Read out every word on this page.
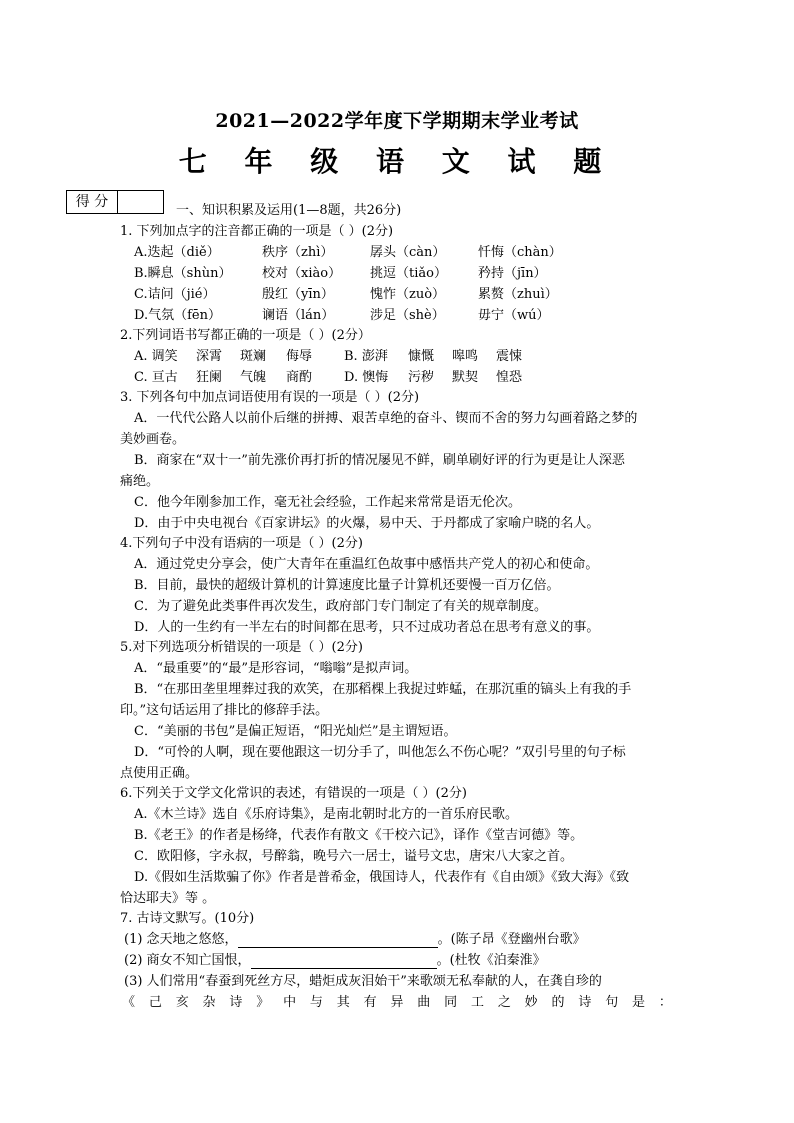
2021—2022学年度下学期期末学业考试
七 年 级 语 文 试 题
得 分
一、知识积累及运用(1—8题，共26分)
1. 下列加点字的注音都正确的一项是（ ）(2分)
A.迭起（diě）	秩序（zhì）	孱头（càn）	忏悔（chàn）
B.瞬息（shùn） 校对（xiào） 挑逗（tiǎo） 矜持（jīn）
C.诘问（jié）	殷红（yīn）	愧怍（zuò）	累赘（zhuì）
D.气氛（fēn）	谰语（lán）	涉足（shè）	毋宁（wú）
2.下列词语书写都正确的一项是（ ）(2分）
A. 调笑 深霄 斑斓 侮辱 B. 澎湃 慷慨 嗥鸣 震悚
C. 亘古 狂阑 气魄 商酌 D. 懊悔 污秽 默契 惶恐
3. 下列各句中加点词语使用有误的一项是（ ）(2分)
A．一代代公路人以前仆后继的拼搏、艰苦卓绝的奋斗、锲而不舍的努力勾画着路之梦的
美妙画卷。
B．商家在“双十一”前先涨价再打折的情况屡见不鲜，刷单刷好评的行为更是让人深恶
痛绝。
C．他今年刚参加工作，毫无社会经验，工作起来常常是语无伦次。
D．由于中央电视台《百家讲坛》的火爆，易中天、于丹都成了家喻户晓的名人。
4.下列句子中没有语病的一项是（ ）(2分)
A．通过党史分享会，使广大青年在重温红色故事中感悟共产党人的初心和使命。
B．目前，最快的超级计算机的计算速度比量子计算机还要慢一百万亿倍。
C．为了避免此类事件再次发生，政府部门专门制定了有关的规章制度。
D．人的一生约有一半左右的时间都在思考，只不过成功者总在思考有意义的事。
5.对下列选项分析错误的一项是（ ）(2分)
A．“最重要”的“最”是形容词，“嗡嗡”是拟声词。
B．“在那田垄里埋葬过我的欢笑，在那稻棵上我捉过蚱蜢，在那沉重的镐头上有我的手
印。”这句话运用了排比的修辞手法。
C．“美丽的书包”是偏正短语，“阳光灿烂”是主谓短语。
D．“可怜的人啊，现在要他跟这一切分手了，叫他怎么不伤心呢？”双引号里的句子标
点使用正确。
6.下列关于文学文化常识的表述，有错误的一项是（ ）(2分)
A.《木兰诗》选自《乐府诗集》，是南北朝时北方的一首乐府民歌。
B.《老王》的作者是杨绛，代表作有散文《干校六记》，译作《堂吉诃德》等。
C．欧阳修，字永叔，号醉翁，晚号六一居士，谥号文忠，唐宋八大家之首。
D.《假如生活欺骗了你》作者是普希金，俄国诗人，代表作有《自由颂》《致大海》《致
恰达耶夫》等 。
7. 古诗文默写。(10分)
(1) 念天地之悠悠，	。(陈子昂《登幽州台歌》
(2) 商女不知亡国恨，	。(杜牧《泊秦淮》
(3) 人们常用“春蚕到死丝方尽，蜡炬成灰泪始干”来歌颂无私奉献的人，在龚自珍的
《 己 亥 杂 诗 》 中 与 其 有 异 曲 同 工 之 妙 的 诗 句 是 ：
